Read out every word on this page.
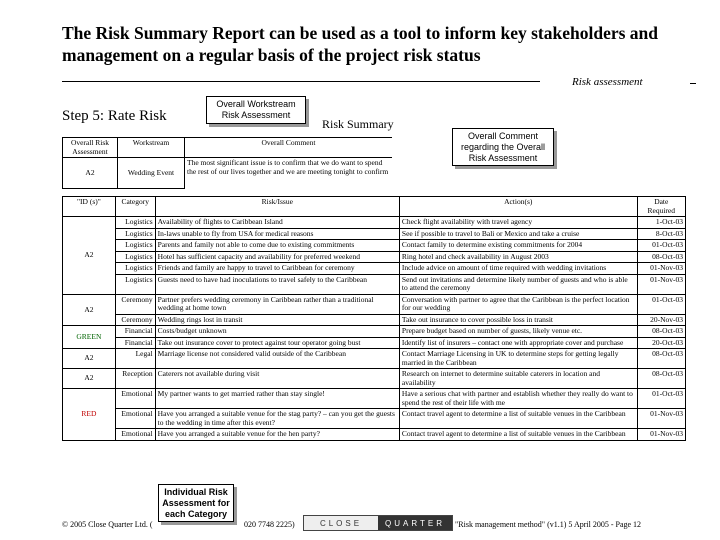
The Risk Summary Report can be used as a tool to inform key stakeholders and management on a regular basis of the project risk status
Risk assessment
Step 5: Rate Risk
Overall Workstream Risk Assessment
Risk Summary
Overall Comment regarding the Overall Risk Assessment
Overall Risk Assessment	Workstream	Overall Comment
A2	Wedding Event	The most significant issue is to confirm that we do want to spend the rest of our lives together and we are meeting tonight to confirm
"ID (s)"	Category	Risk/Issue	Action(s)	Date Required
A2	Logistics	Availability of flights to Caribbean Island	Check flight availability with travel agency	1-Oct-03
	Logistics	In-laws unable to fly from USA for medical reasons	See if possible to travel to Bali or Mexico and take a cruise	8-Oct-03
	Logistics	Parents and family not able to come due to existing commitments	Contact family to determine existing commitments for 2004	01-Oct-03
	Logistics	Hotel has sufficient capacity and availability for preferred weekend	Ring hotel and check availability in August 2003	08-Oct-03
	Logistics	Friends and family are happy to travel to Caribbean for ceremony	Include advice on amount of time required with wedding invitations	01-Nov-03
	Logistics	Guests need to have had inoculations to travel safely to the Caribbean	Send out invitations and determine likely number of guests and who is able to attend the ceremony	01-Nov-03
A2	Ceremony	Partner prefers wedding ceremony in Caribbean rather than a traditional wedding at home town	Conversation with partner to agree that the Caribbean is the perfect location for our wedding	01-Oct-03
	Ceremony	Wedding rings lost in transit	Take out insurance to cover possible loss in transit	20-Nov-03
GREEN	Financial	Costs/budget unknown	Prepare budget based on number of guests, likely venue etc.	08-Oct-03
	Financial	Take out insurance cover to protect against tour operator going bust	Identify list of insurers – contact one with appropriate cover and purchase	20-Oct-03
A2	Legal	Marriage license not considered valid outside of the Caribbean	Contact Marriage Licensing in UK to determine steps for getting legally married in the Caribbean	08-Oct-03
A2	Reception	Caterers not available during visit	Research on internet to determine suitable caterers in location and availability	08-Oct-03
RED	Emotional	My partner wants to get married rather than stay single!	Have a serious chat with partner and establish whether they really do want to spend the rest of their life with me	01-Oct-03
	Emotional	Have you arranged a suitable venue for the stag party? – can you get the guests to the wedding in time after this event?	Contact travel agent to determine a list of suitable venues in the Caribbean	01-Nov-03
	Emotional	Have you arranged a suitable venue for the hen party?	Contact travel agent to determine a list of suitable venues in the Caribbean	01-Nov-03
Individual Risk Assessment for each Category
© 2005 Close Quarter Ltd. (	020 7748 2225)	CLOSE	QUARTER	"Risk management method" (v1.1) 5 April 2005 - Page 12
